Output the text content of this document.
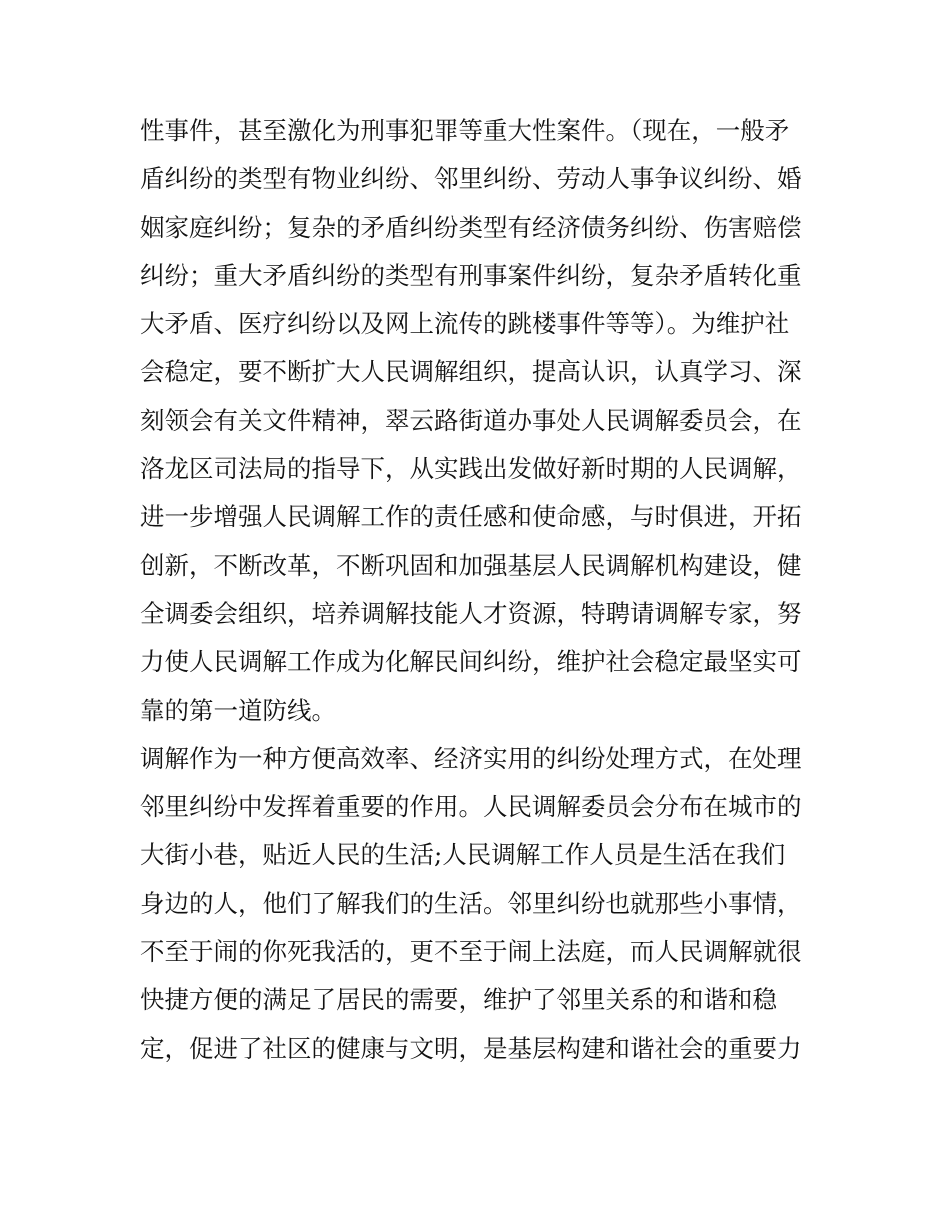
性事件，甚至激化为刑事犯罪等重大性案件。（现在，一般矛
盾纠纷的类型有物业纠纷、邻里纠纷、劳动人事争议纠纷、婚
姻家庭纠纷；复杂的矛盾纠纷类型有经济债务纠纷、伤害赔偿
纠纷；重大矛盾纠纷的类型有刑事案件纠纷，复杂矛盾转化重
大矛盾、医疗纠纷以及网上流传的跳楼事件等等）。为维护社
会稳定，要不断扩大人民调解组织，提高认识，认真学习、深
刻领会有关文件精神，翠云路街道办事处人民调解委员会，在
洛龙区司法局的指导下，从实践出发做好新时期的人民调解，
进一步增强人民调解工作的责任感和使命感，与时俱进，开拓
创新，不断改革，不断巩固和加强基层人民调解机构建设，健
全调委会组织，培养调解技能人才资源，特聘请调解专家，努
力使人民调解工作成为化解民间纠纷，维护社会稳定最坚实可
靠的第一道防线。
调解作为一种方便高效率、经济实用的纠纷处理方式，在处理
邻里纠纷中发挥着重要的作用。人民调解委员会分布在城市的
大街小巷，贴近人民的生活;人民调解工作人员是生活在我们
身边的人，他们了解我们的生活。邻里纠纷也就那些小事情，
不至于闹的你死我活的，更不至于闹上法庭，而人民调解就很
快捷方便的满足了居民的需要，维护了邻里关系的和谐和稳
定，促进了社区的健康与文明，是基层构建和谐社会的重要力
